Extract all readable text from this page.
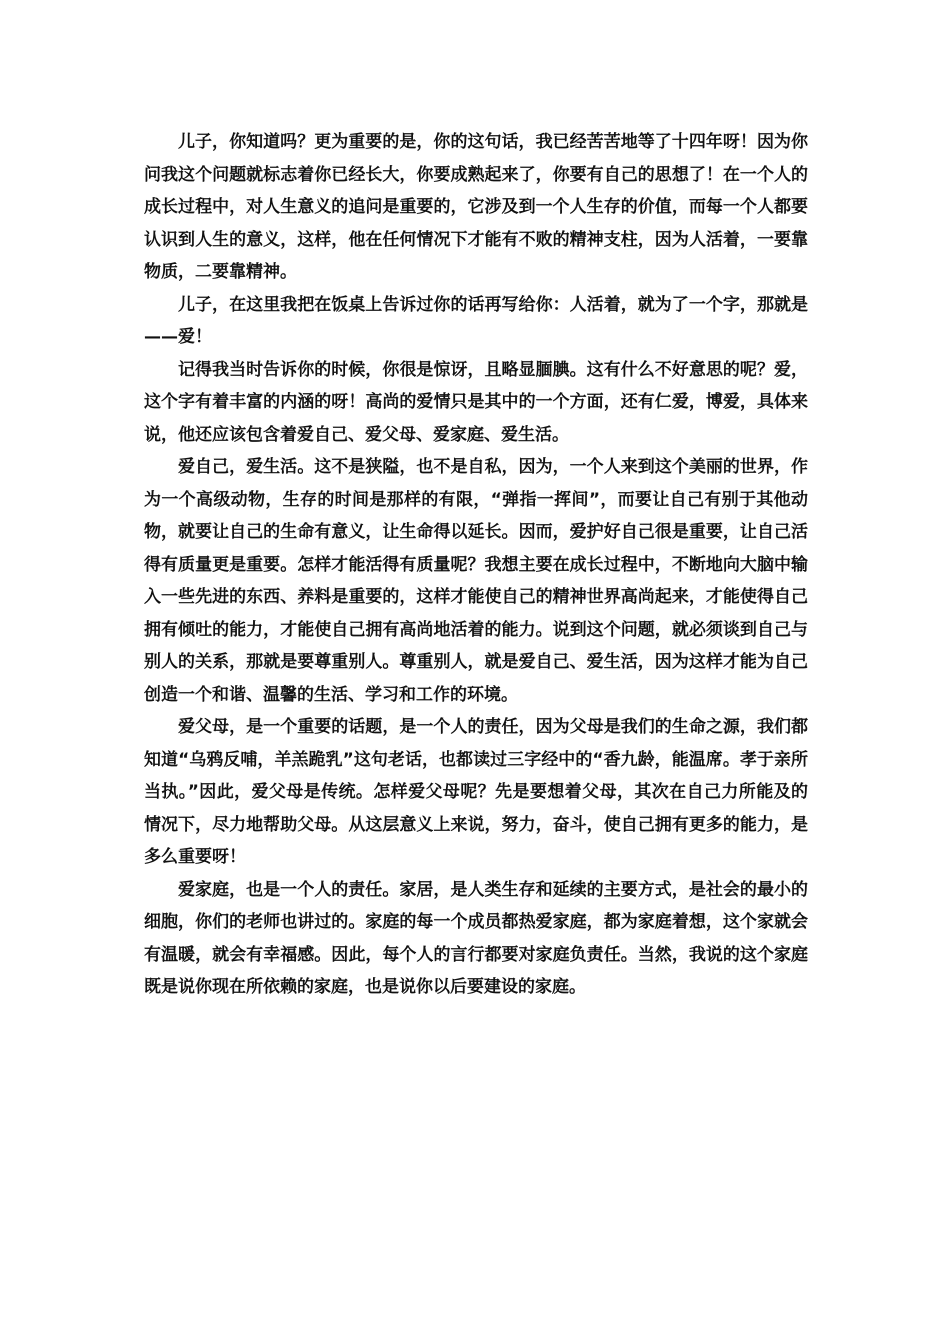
儿子，你知道吗？更为重要的是，你的这句话，我已经苦苦地等了十四年呀！因为你问我这个问题就标志着你已经长大，你要成熟起来了，你要有自己的思想了！在一个人的成长过程中，对人生意义的追问是重要的，它涉及到一个人生存的价值，而每一个人都要认识到人生的意义，这样，他在任何情况下才能有不败的精神支柱，因为人活着，一要靠物质，二要靠精神。

儿子，在这里我把在饭桌上告诉过你的话再写给你：人活着，就为了一个字，那就是——爱！

记得我当时告诉你的时候，你很是惊讶，且略显腼腆。这有什么不好意思的呢？爱，这个字有着丰富的内涵的呀！高尚的爱情只是其中的一个方面，还有仁爱，博爱，具体来说，他还应该包含着爱自己、爱父母、爱家庭、爱生活。

爱自己，爱生活。这不是狭隘，也不是自私，因为，一个人来到这个美丽的世界，作为一个高级动物，生存的时间是那样的有限，“弹指一挥间”，而要让自己有别于其他动物，就要让自己的生命有意义，让生命得以延长。因而，爱护好自己很是重要，让自己活得有质量更是重要。怎样才能活得有质量呢？我想主要在成长过程中，不断地向大脑中输入一些先进的东西、养料是重要的，这样才能使自己的精神世界高尚起来，才能使得自己拥有倾吐的能力，才能使自己拥有高尚地活着的能力。说到这个问题，就必须谈到自己与别人的关系，那就是要尊重别人。尊重别人，就是爱自己、爱生活，因为这样才能为自己创造一个和谐、温馨的生活、学习和工作的环境。

爱父母，是一个重要的话题，是一个人的责任，因为父母是我们的生命之源，我们都知道“乌鸦反哺，羊羔跪乳”这句老话，也都读过三字经中的“香九龄，能温席。孝于亲所当执。”因此，爱父母是传统。怎样爱父母呢？先是要想着父母，其次在自己力所能及的情况下，尽力地帮助父母。从这层意义上来说，努力，奋斗，使自己拥有更多的能力，是多么重要呀！

爱家庭，也是一个人的责任。家居，是人类生存和延续的主要方式，是社会的最小的细胞，你们的老师也讲过的。家庭的每一个成员都热爱家庭，都为家庭着想，这个家就会有温暖，就会有幸福感。因此，每个人的言行都要对家庭负责任。当然，我说的这个家庭既是说你现在所依赖的家庭，也是说你以后要建设的家庭。
